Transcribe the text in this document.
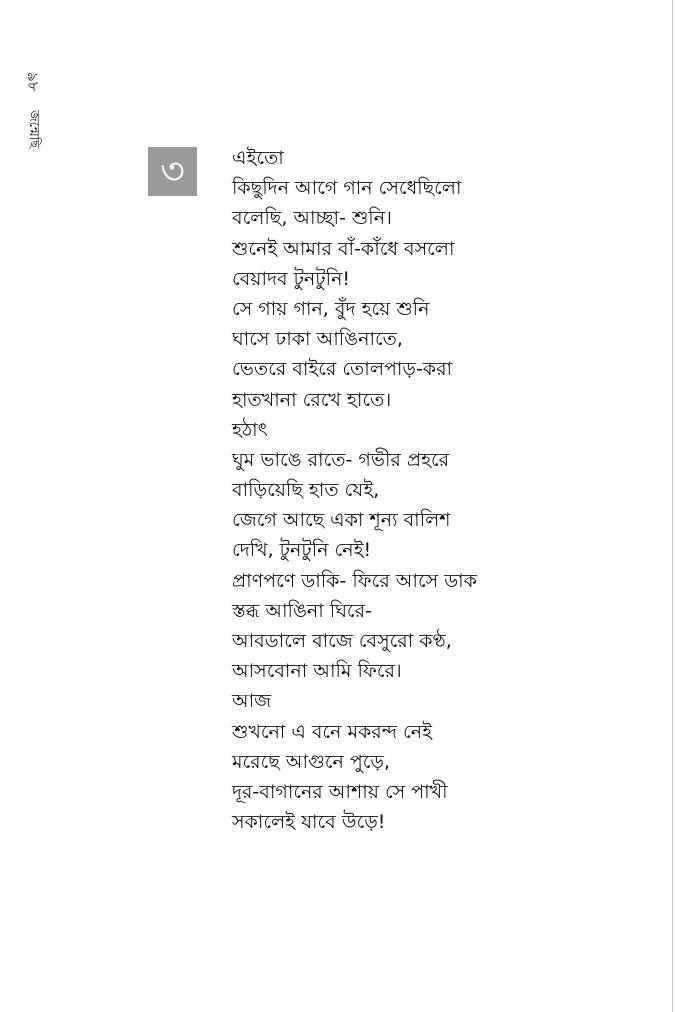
৯৮
জন্মেছি
৩ এইতো
কিছুদিন আগে গান সেধেছিলো
বলেছি, আচ্ছা- শুনি।
শুনেই আমার বাঁ-কাঁধে বসলো
বেয়াদব টুনটুনি!
সে গায় গান, বুঁদ হয়ে শুনি
ঘাসে ঢাকা আঙিনাতে,
ভেতরে বাইরে তোলপাড়-করা
হাতখানা রেখে হাতে।
হঠাৎ
ঘুম ভাঙে রাতে- গভীর প্রহরে
বাড়িয়েছি হাত যেই,
জেগে আছে একা শূন্য বালিশ
দেখি, টুনটুনি নেই!
প্রাণপণে ডাকি- ফিরে আসে ডাক
স্তব্ধ আঙিনা ঘিরে-
আবডালে বাজে বেসুরো কণ্ঠ,
আসবোনা আমি ফিরে।
আজ
শুখনো এ বনে মকরন্দ নেই
মরেছে আগুনে পুড়ে,
দূর-বাগানের আশায় সে পাখী
সকালেই যাবে উড়ে!
